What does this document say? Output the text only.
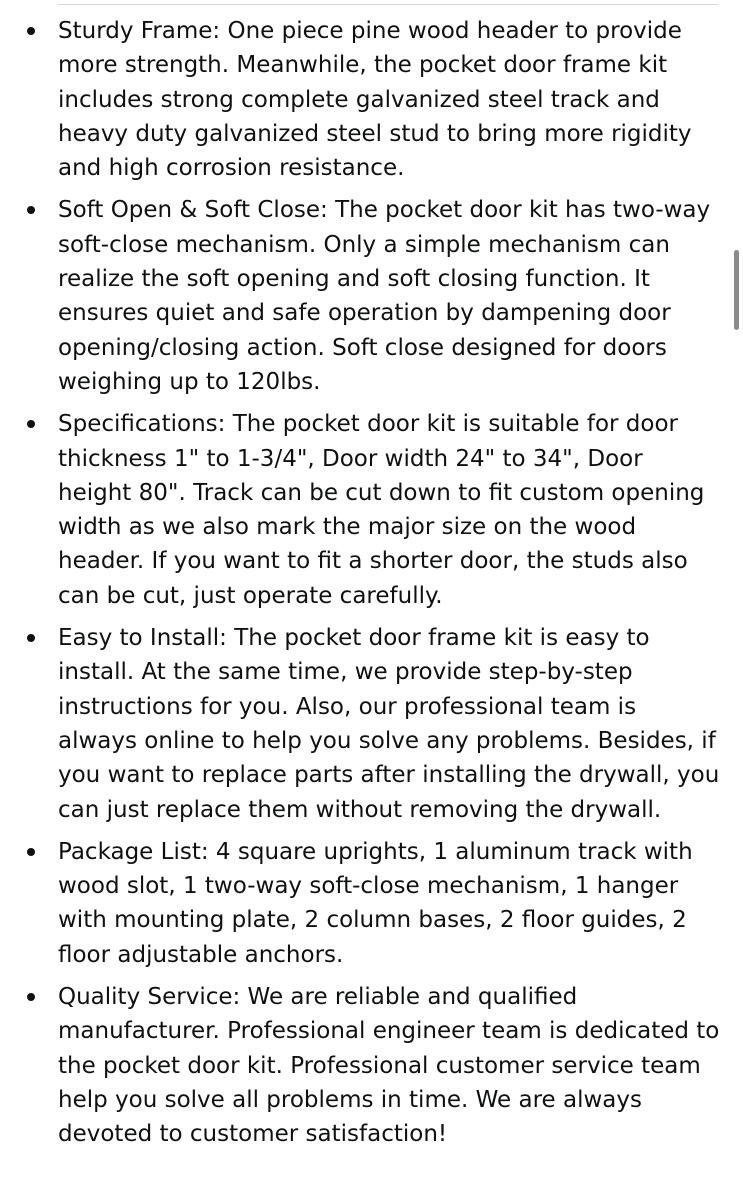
Sturdy Frame: One piece pine wood header to provide more strength. Meanwhile, the pocket door frame kit includes strong complete galvanized steel track and heavy duty galvanized steel stud to bring more rigidity and high corrosion resistance.
Soft Open & Soft Close: The pocket door kit has two-way soft-close mechanism. Only a simple mechanism can realize the soft opening and soft closing function. It ensures quiet and safe operation by dampening door opening/closing action. Soft close designed for doors weighing up to 120lbs.
Specifications: The pocket door kit is suitable for door thickness 1" to 1-3/4", Door width 24" to 34", Door height 80". Track can be cut down to fit custom opening width as we also mark the major size on the wood header. If you want to fit a shorter door, the studs also can be cut, just operate carefully.
Easy to Install: The pocket door frame kit is easy to install. At the same time, we provide step-by-step instructions for you. Also, our professional team is always online to help you solve any problems. Besides, if you want to replace parts after installing the drywall, you can just replace them without removing the drywall.
Package List: 4 square uprights, 1 aluminum track with wood slot, 1 two-way soft-close mechanism, 1 hanger with mounting plate, 2 column bases, 2 floor guides, 2 floor adjustable anchors.
Quality Service: We are reliable and qualified manufacturer. Professional engineer team is dedicated to the pocket door kit. Professional customer service team help you solve all problems in time. We are always devoted to customer satisfaction!
